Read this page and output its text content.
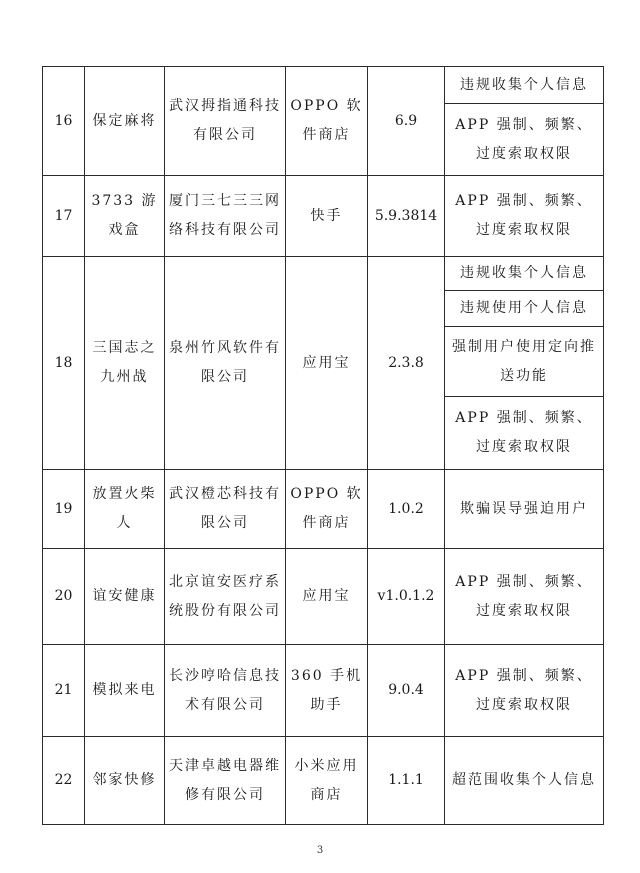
16	保定麻将	武汉拇指通科技有限公司	OPPO 软件商店	6.9	违规收集个人信息
					APP 强制、频繁、过度索取权限
17	3733 游戏盒	厦门三七三三网络科技有限公司	快手	5.9.3814	APP 强制、频繁、过度索取权限
18	三国志之九州战	泉州竹风软件有限公司	应用宝	2.3.8	违规收集个人信息
					违规使用个人信息
					强制用户使用定向推送功能
					APP 强制、频繁、过度索取权限
19	放置火柴人	武汉橙芯科技有限公司	OPPO 软件商店	1.0.2	欺骗误导强迫用户
20	谊安健康	北京谊安医疗系统股份有限公司	应用宝	v1.0.1.2	APP 强制、频繁、过度索取权限
21	模拟来电	长沙哼哈信息技术有限公司	360 手机助手	9.0.4	APP 强制、频繁、过度索取权限
22	邻家快修	天津卓越电器维修有限公司	小米应用商店	1.1.1	超范围收集个人信息
3
